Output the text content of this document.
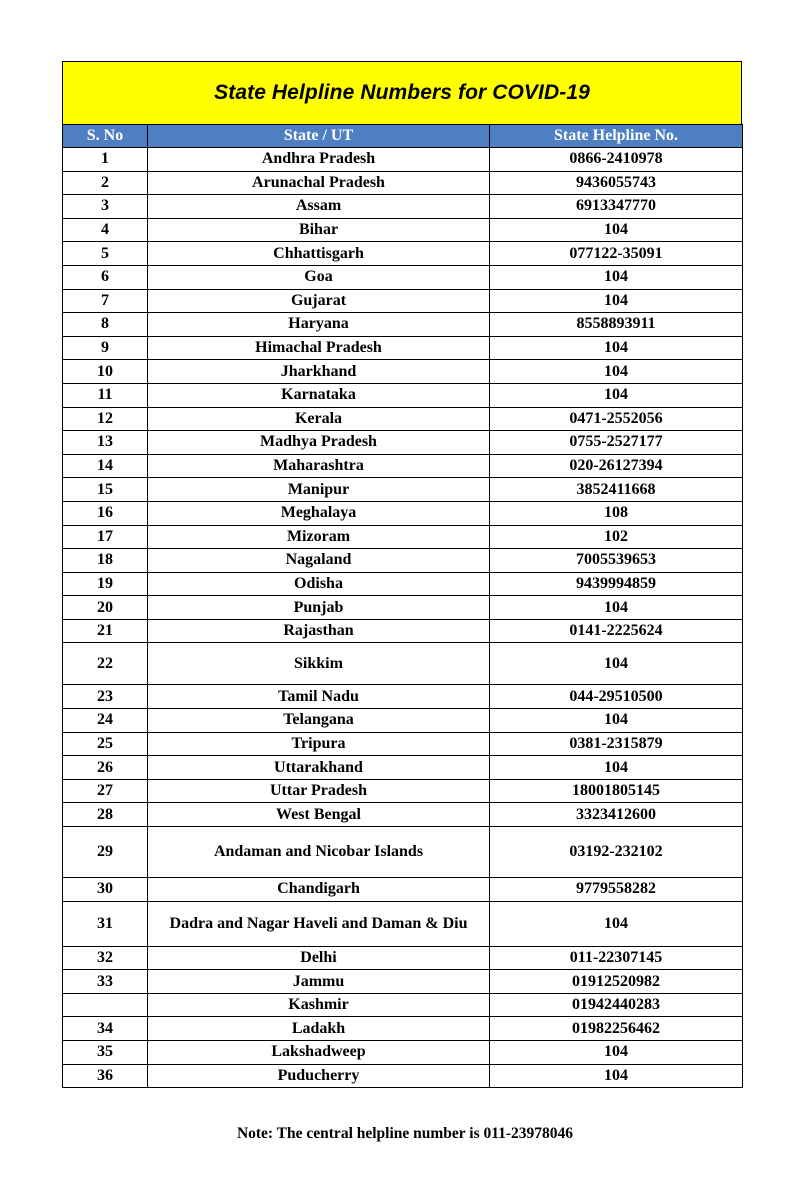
State Helpline Numbers for COVID-19
S. No	State / UT	State Helpline No.
1	Andhra Pradesh	0866-2410978
2	Arunachal Pradesh	9436055743
3	Assam	6913347770
4	Bihar	104
5	Chhattisgarh	077122-35091
6	Goa	104
7	Gujarat	104
8	Haryana	8558893911
9	Himachal Pradesh	104
10	Jharkhand	104
11	Karnataka	104
12	Kerala	0471-2552056
13	Madhya Pradesh	0755-2527177
14	Maharashtra	020-26127394
15	Manipur	3852411668
16	Meghalaya	108
17	Mizoram	102
18	Nagaland	7005539653
19	Odisha	9439994859
20	Punjab	104
21	Rajasthan	0141-2225624
22	Sikkim	104
23	Tamil Nadu	044-29510500
24	Telangana	104
25	Tripura	0381-2315879
26	Uttarakhand	104
27	Uttar Pradesh	18001805145
28	West Bengal	3323412600
29	Andaman and Nicobar Islands	03192-232102
30	Chandigarh	9779558282
31	Dadra and Nagar Haveli and Daman & Diu	104
32	Delhi	011-22307145
33	Jammu	01912520982
	Kashmir	01942440283
34	Ladakh	01982256462
35	Lakshadweep	104
36	Puducherry	104
Note: The central helpline number is 011-23978046
